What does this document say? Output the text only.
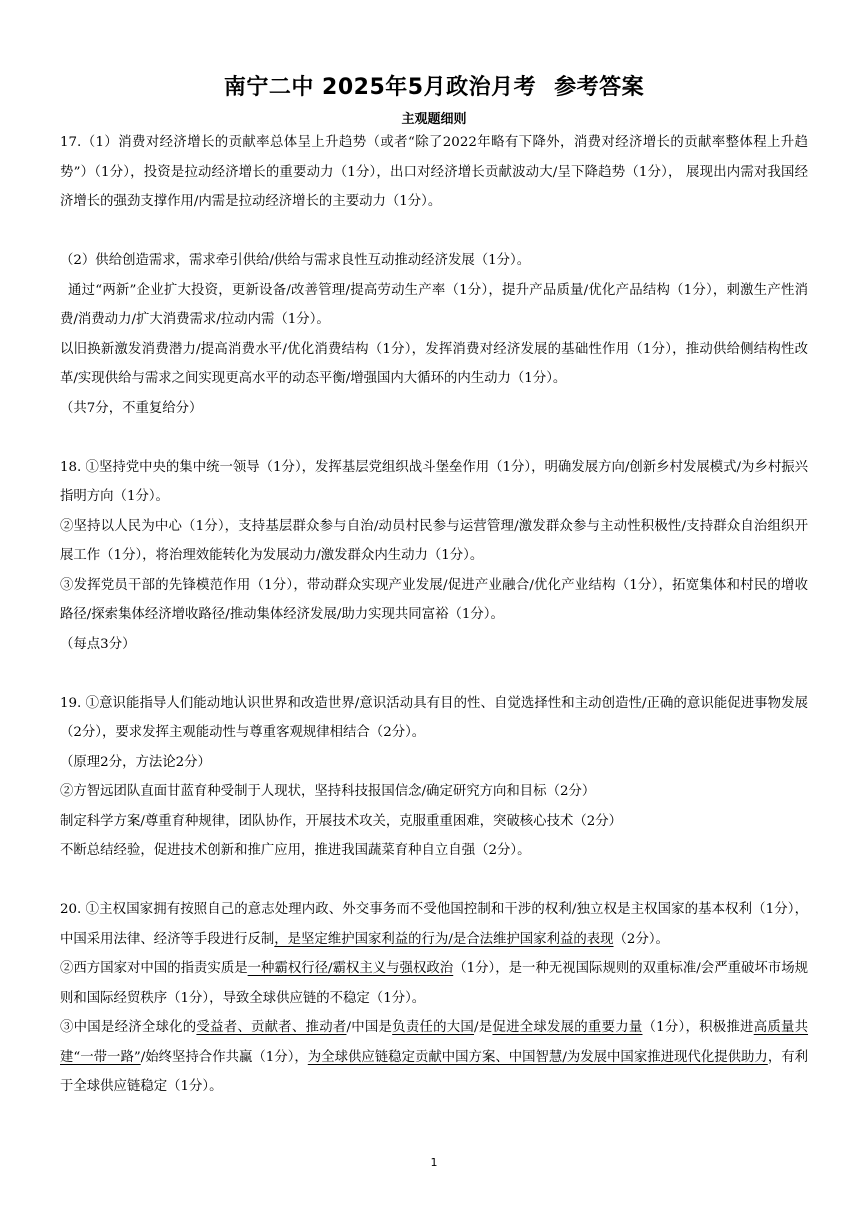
南宁二中 2025年5月政治月考 参考答案
主观题细则

17.（1）消费对经济增长的贡献率总体呈上升趋势（或者“除了2022年略有下降外，消费对经济增长的贡献率整体程上升趋势”）（1分），投资是拉动经济增长的重要动力（1分），出口对经济增长贡献波动大/呈下降趋势（1分）， 展现出内需对我国经济增长的强劲支撑作用/内需是拉动经济增长的主要动力（1分）。

（2）供给创造需求，需求牵引供给/供给与需求良性互动推动经济发展（1分）。

通过“两新”企业扩大投资，更新设备/改善管理/提高劳动生产率（1分），提升产品质量/优化产品结构（1分），刺激生产性消费/消费动力/扩大消费需求/拉动内需（1分）。

以旧换新激发消费潜力/提高消费水平/优化消费结构（1分），发挥消费对经济发展的基础性作用（1分），推动供给侧结构性改革/实现供给与需求之间实现更高水平的动态平衡/增强国内大循环的内生动力（1分）。

（共7分，不重复给分）

18. ①坚持党中央的集中统一领导（1分），发挥基层党组织战斗堡垒作用（1分），明确发展方向/创新乡村发展模式/为乡村振兴指明方向（1分）。

②坚持以人民为中心（1分），支持基层群众参与自治/动员村民参与运营管理/激发群众参与主动性积极性/支持群众自治组织开展工作（1分），将治理效能转化为发展动力/激发群众内生动力（1分）。

③发挥党员干部的先锋模范作用（1分），带动群众实现产业发展/促进产业融合/优化产业结构（1分），拓宽集体和村民的增收路径/探索集体经济增收路径/推动集体经济发展/助力实现共同富裕（1分）。

（每点3分）

19. ①意识能指导人们能动地认识世界和改造世界/意识活动具有目的性、自觉选择性和主动创造性/正确的意识能促进事物发展（2分），要求发挥主观能动性与尊重客观规律相结合（2分）。

（原理2分，方法论2分）

②方智远团队直面甘蓝育种受制于人现状，坚持科技报国信念/确定研究方向和目标（2分）

制定科学方案/尊重育种规律，团队协作，开展技术攻关，克服重重困难，突破核心技术（2分）

不断总结经验，促进技术创新和推广应用，推进我国蔬菜育种自立自强（2分）。

20. ①主权国家拥有按照自己的意志处理内政、外交事务而不受他国控制和干涉的权利/独立权是主权国家的基本权利（1分），中国采用法律、经济等手段进行反制，是坚定维护国家利益的行为/是合法维护国家利益的表现（2分）。

②西方国家对中国的指责实质是一种霸权行径/霸权主义与强权政治（1分），是一种无视国际规则的双重标准/会严重破坏市场规则和国际经贸秩序（1分），导致全球供应链的不稳定（1分）。

③中国是经济全球化的受益者、贡献者、推动者/中国是负责任的大国/是促进全球发展的重要力量（1分），积极推进高质量共建“一带一路”/始终坚持合作共赢（1分），为全球供应链稳定贡献中国方案、中国智慧/为发展中国家推进现代化提供助力，有利于全球供应链稳定（1分）。

1
